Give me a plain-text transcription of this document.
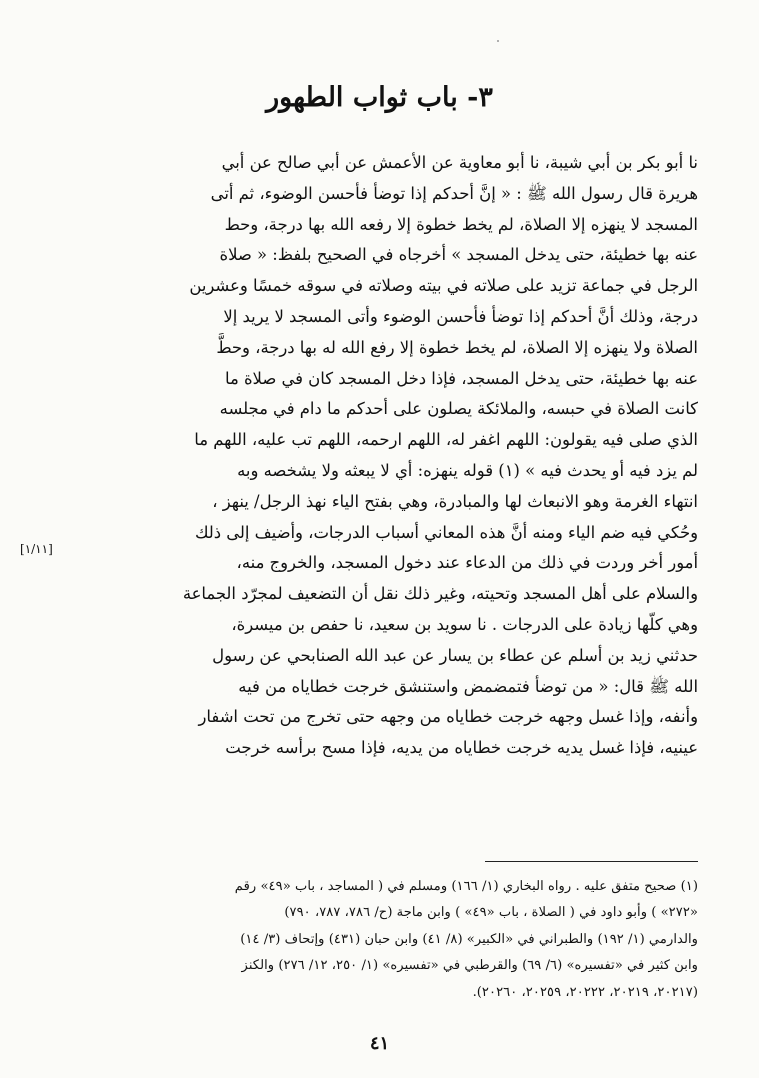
٣- باب ثواب الطهور

نا أبو بكر بن أبي شيبة، نا أبو معاوية عن الأعمش عن أبي صالح عن أبي

هريرة قال رسول الله ﷺ : « إنَّ أحدكم إذا توضأ فأحسن الوضوء، ثم أتى

المسجد لا ينهزه إلا الصلاة، لم يخط خطوة إلا رفعه الله بها درجة، وحط

عنه بها خطيئة، حتى يدخل المسجد » أخرجاه في الصحيح بلفظ: « صلاة

الرجل في جماعة تزيد على صلاته في بيته وصلاته في سوقه خمسًا وعشرين

درجة، وذلك أنَّ أحدكم إذا توضأ فأحسن الوضوء وأتى المسجد لا يريد إلا

الصلاة ولا ينهزه إلا الصلاة، لم يخط خطوة إلا رفع الله له بها درجة، وحطَّ

عنه بها خطيئة، حتى يدخل المسجد، فإذا دخل المسجد كان في صلاة ما

كانت الصلاة في حبسه، والملائكة يصلون على أحدكم ما دام في مجلسه

الذي صلى فيه يقولون: اللهم اغفر له، اللهم ارحمه، اللهم تب عليه، اللهم ما

لم يزد فيه أو يحدث فيه » (١) قوله ينهزه: أي لا يبعثه ولا يشخصه وبه

انتهاء الغرمة وهو الانبعاث لها والمبادرة، وهي بفتح الياء نهذ الرجل/ ينهز ،

وحُكي فيه ضم الياء ومنه أنَّ هذه المعاني أسباب الدرجات، وأضيف إلى ذلك

أمور أخر وردت في ذلك من الدعاء عند دخول المسجد، والخروج منه،

والسلام على أهل المسجد وتحيته، وغير ذلك نقل أن التضعيف لمجرّد الجماعة

وهي كلّها زيادة على الدرجات . نا سويد بن سعيد، نا حفص بن ميسرة،

حدثني زيد بن أسلم عن عطاء بن يسار عن عبد الله الصنابحي عن رسول

الله ﷺ قال: « من توضأ فتمضمض واستنشق خرجت خطاياه من فيه

وأنفه، وإذا غسل وجهه خرجت خطاياه من وجهه حتى تخرج من تحت اشفار

عينيه، فإذا غسل يديه خرجت خطاياه من يديه، فإذا مسح برأسه خرجت

[١/١١]

(١) صحيح متفق عليه . رواه البخاري (١/ ١٦٦) ومسلم في ( المساجد ، باب «٤٩» رقم

«٢٧٢» ) وأبو داود في ( الصلاة ، باب «٤٩» ) وابن ماجة (ح/ ٧٨٦، ٧٨٧، ٧٩٠)

والدارمي (١/ ١٩٢) والطبراني في «الكبير» (٨/ ٤١) وابن حبان (٤٣١) وإتحاف (٣/ ١٤)

وابن كثير في «تفسيره» (٦/ ٦٩) والقرطبي في «تفسيره» (١/ ٢٥٠، ١٢/ ٢٧٦) والكنز

(٢٠٢١٧، ٢٠٢١٩، ٢٠٢٢٢، ٢٠٢٥٩، ٢٠٢٦٠).

٤١
